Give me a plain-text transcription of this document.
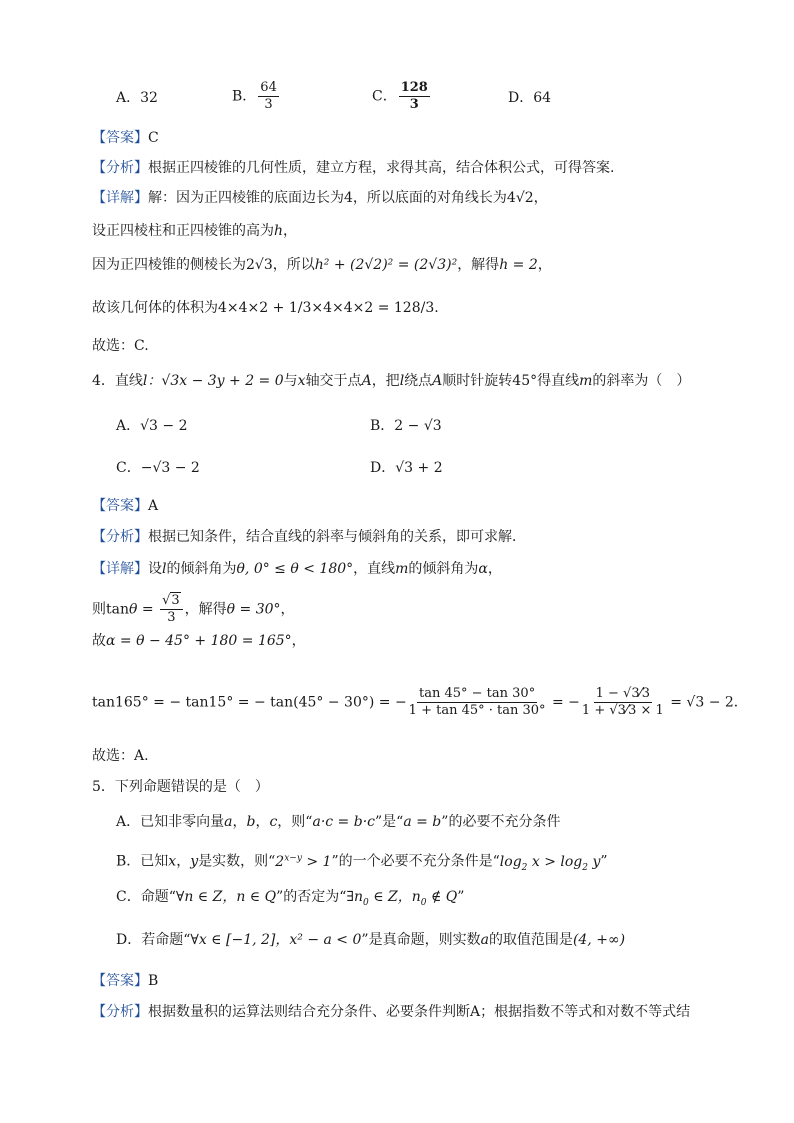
A．32	B． $\frac{64}{3}$	C． $\frac{128}{3}$	D．64
【答案】C
【分析】根据正四棱锥的几何性质，建立方程，求得其高，结合体积公式，可得答案.
【详解】解：因为正四棱锥的底面边长为4，所以底面的对角线长为4√2，
设正四棱柱和正四棱锥的高为h，
因为正四棱锥的侧棱长为2√3，所以h² + (2√2)² = (2√3)²，解得h = 2，
故该几何体的体积为4×4×2 + 1/3×4×4×2 = 128/3.
故选：C.
4．直线l：√3x − 3y + 2 = 0与x轴交于点A，把l绕点A顺时针旋转45°得直线m的斜率为（　）
A．√3 − 2	B．2 − √3
C．−√3 − 2	D．√3 + 2
【答案】A
【分析】根据已知条件，结合直线的斜率与倾斜角的关系，即可求解．
【详解】设l的倾斜角为θ, 0° ≤ θ < 180°，直线m的倾斜角为α，
则$\tan\theta = \frac{√3}{3}$ ，解得θ = 30°，
故α = θ − 45° + 180 = 165°，
tan165° = − tan15° = − tan(45° − 30°) = − $\frac{\tan 45^\circ - \tan 30^\circ}{1 + \tan 45^\circ \cdot \tan 30^\circ}$ = − $\frac{1 - √3⁄3}{1 + √3⁄3 \times 1} = √3 - 2$．
故选：A.
5．下列命题错误的是（　）
A．已知非零向量a，b，c，则“a·c = b·c”是“a = b”的必要不充分条件
B．已知x，y是实数，则“$2^{x-y} > 1$”的一个必要不充分条件是“$\log_2$ $x > \log_2 y$”
C．命题“∀n ∈ Z，n ∈ Q”的否定为“$\exists n_0$ ∈ Z，$n_0$ ∉ Q”
D．若命题“∀x ∈ [−1, 2]，x² − a < 0”是真命题，则实数a的取值范围是(4, +∞)
【答案】B
【分析】根据数量积的运算法则结合充分条件、必要条件判断A；根据指数不等式和对数不等式结
